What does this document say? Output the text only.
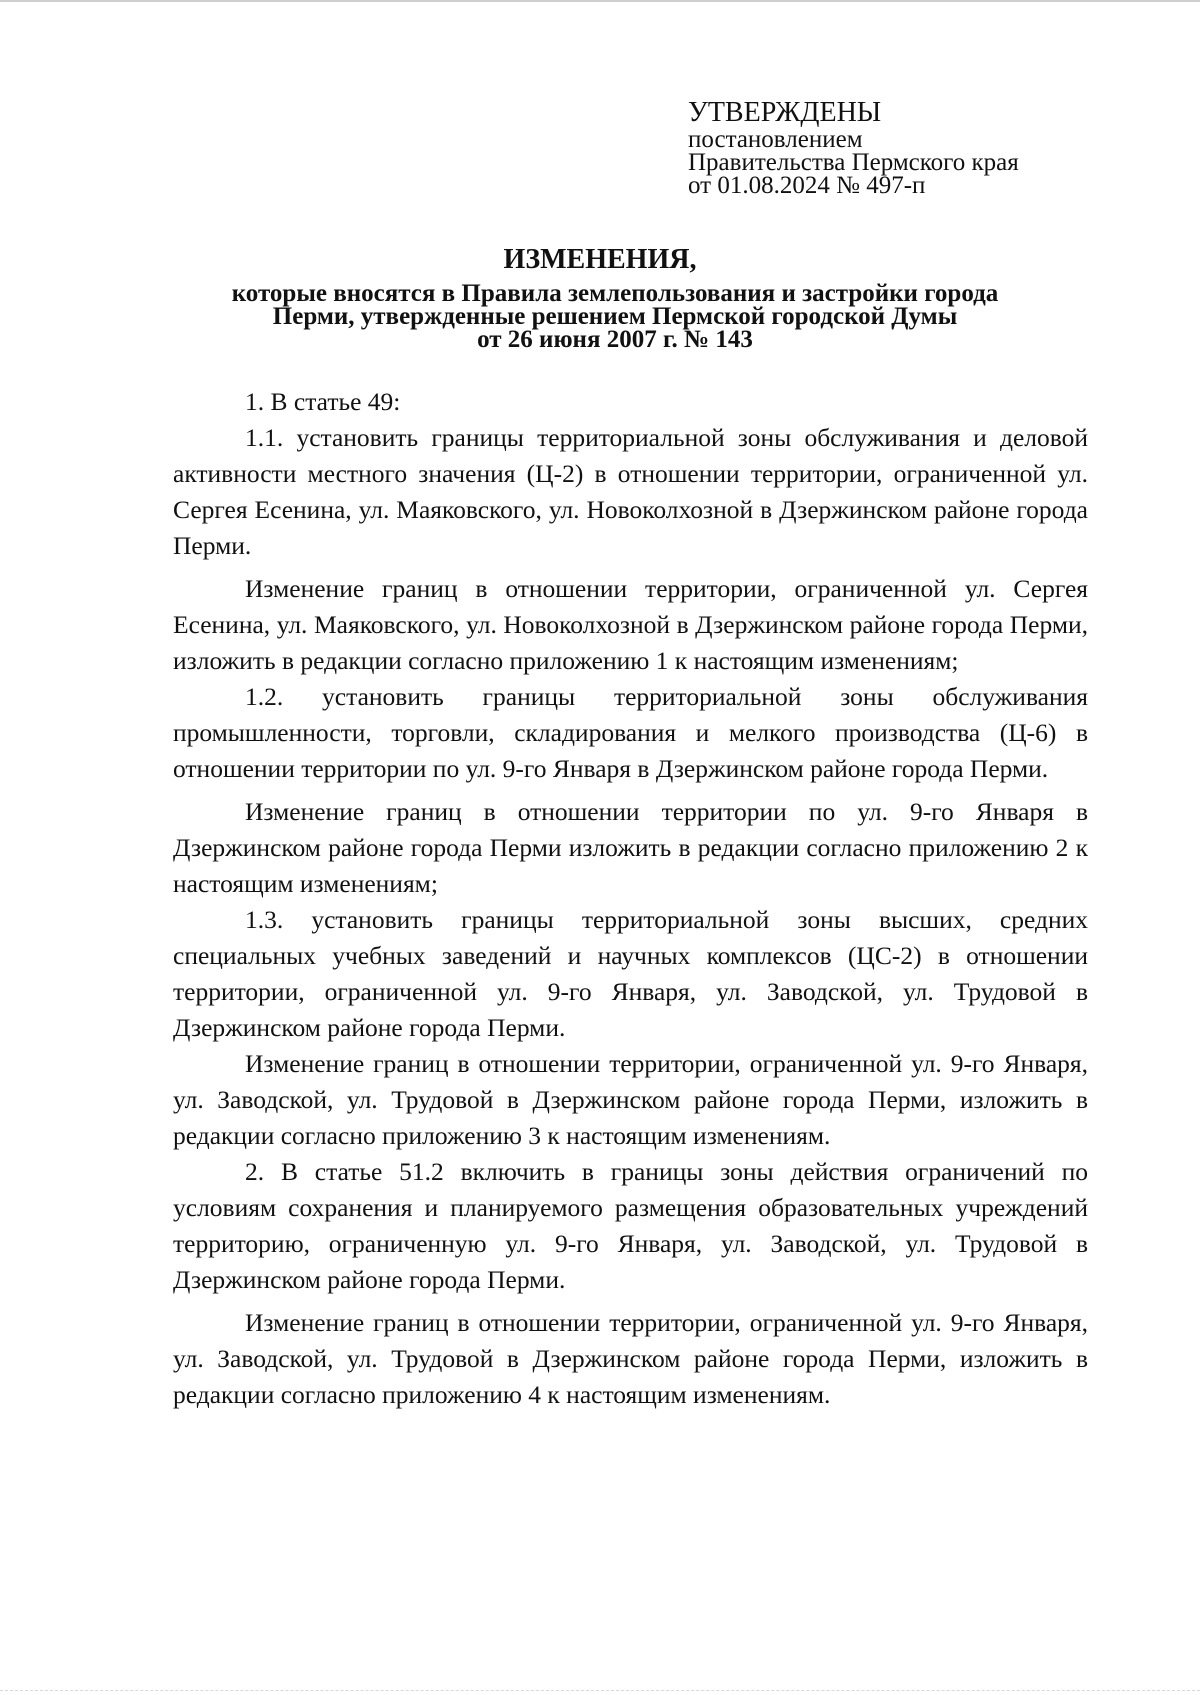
УТВЕРЖДЕНЫ
постановлением
Правительства Пермского края
от 01.08.2024 № 497-п
ИЗМЕНЕНИЯ,
которые вносятся в Правила землепользования и застройки города
Перми, утвержденные решением Пермской городской Думы
от 26 июня 2007 г. № 143

1. В статье 49:

1.1. установить границы территориальной зоны обслуживания и деловой активности местного значения (Ц-2) в отношении территории, ограниченной ул. Сергея Есенина, ул. Маяковского, ул. Новоколхозной в Дзержинском районе города Перми.

Изменение границ в отношении территории, ограниченной ул. Сергея Есенина, ул. Маяковского, ул. Новоколхозной в Дзержинском районе города Перми, изложить в редакции согласно приложению 1 к настоящим изменениям;

1.2. установить границы территориальной зоны обслуживания промышленности, торговли, складирования и мелкого производства (Ц-6) в отношении территории по ул. 9-го Января в Дзержинском районе города Перми.

Изменение границ в отношении территории по ул. 9-го Января в Дзержинском районе города Перми изложить в редакции согласно приложению 2 к настоящим изменениям;

1.3. установить границы территориальной зоны высших, средних специальных учебных заведений и научных комплексов (ЦС-2) в отношении территории, ограниченной ул. 9-го Января, ул. Заводской, ул. Трудовой в Дзержинском районе города Перми.

Изменение границ в отношении территории, ограниченной ул. 9-го Января, ул. Заводской, ул. Трудовой в Дзержинском районе города Перми, изложить в редакции согласно приложению 3 к настоящим изменениям.

2. В статье 51.2 включить в границы зоны действия ограничений по условиям сохранения и планируемого размещения образовательных учреждений территорию, ограниченную ул. 9-го Января, ул. Заводской, ул. Трудовой в Дзержинском районе города Перми.

Изменение границ в отношении территории, ограниченной ул. 9-го Января, ул. Заводской, ул. Трудовой в Дзержинском районе города Перми, изложить в редакции согласно приложению 4 к настоящим изменениям.
